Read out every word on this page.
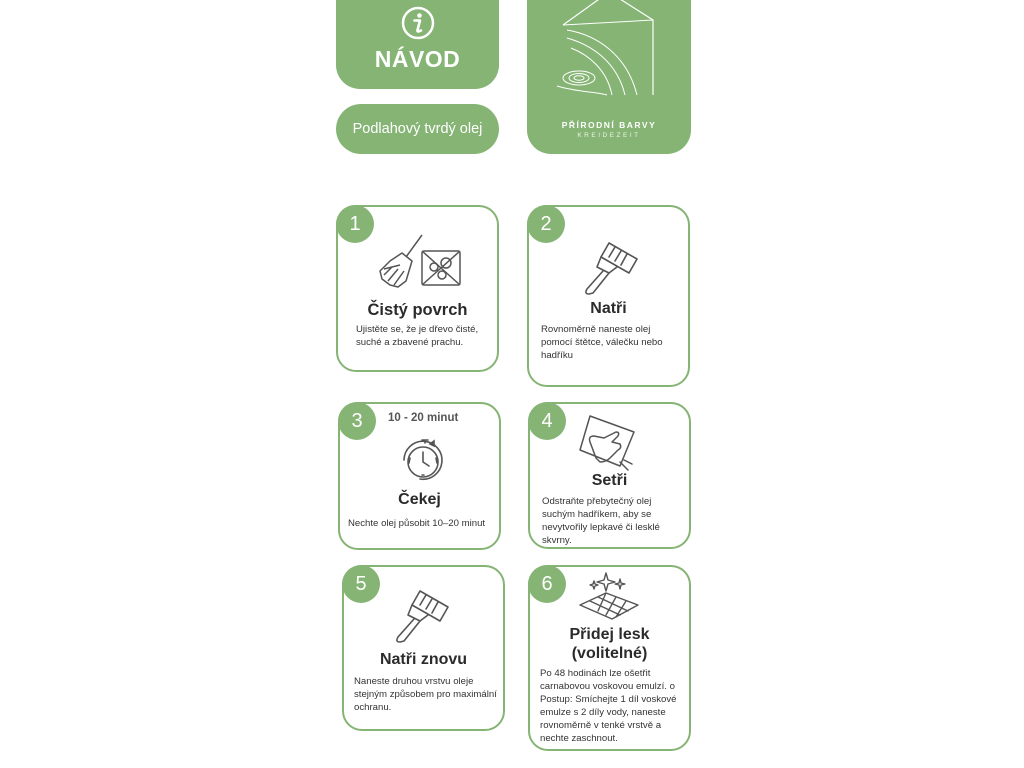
NÁVOD
Podlahový tvrdý olej	PŘÍRODNÍ BARVY
KREIDEZEIT
1
Čistý povrch
Ujistěte se, že je dřevo čisté, suché a zbavené prachu.
2
Natři
Rovnoměrně naneste olej pomocí štětce, válečku nebo hadříku
3	10 - 20 minut
Čekej
Nechte olej působit 10–20 minut
4
Setři
Odstraňte přebytečný olej suchým hadříkem, aby se nevytvořily lepkavé či lesklé skvrny.
5
Natři znovu
Naneste druhou vrstvu oleje stejným způsobem pro maximální ochranu.
6
Přidej lesk (volitelné)
Po 48 hodinách lze ošetřit carnabovou voskovou emulzí. o Postup: Smíchejte 1 díl voskové emulze s 2 díly vody, naneste rovnoměrně v tenké vrstvě a nechte zaschnout.
